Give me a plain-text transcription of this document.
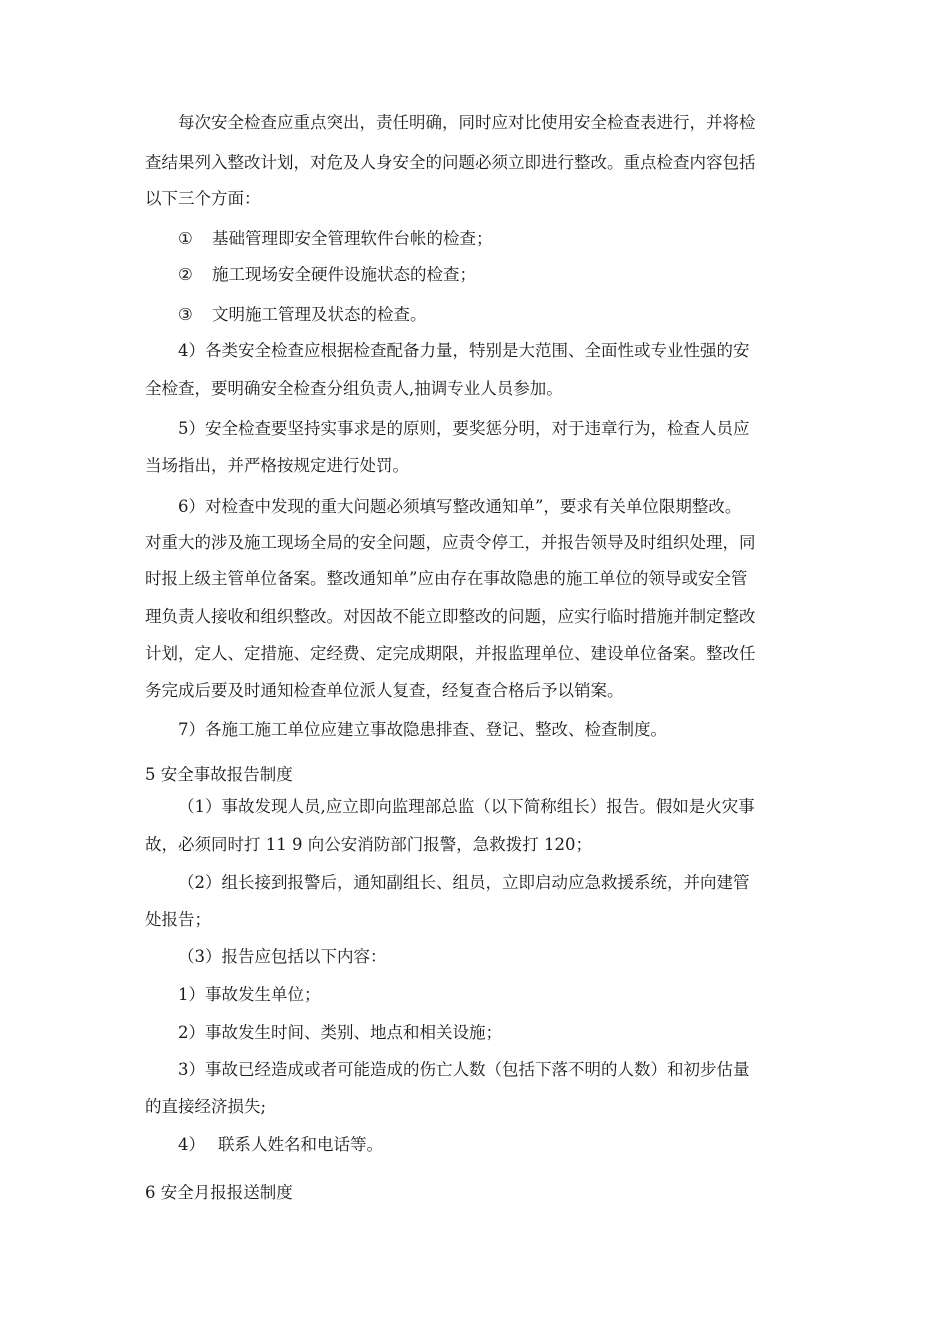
每次安全检查应重点突出，责任明确，同时应对比使用安全检查表进行，并将检
查结果列入整改计划，对危及人身安全的问题必须立即进行整改。重点检查内容包括
以下三个方面：
① 基础管理即安全管理软件台帐的检查；
② 施工现场安全硬件设施状态的检查；
③ 文明施工管理及状态的检查。
4）各类安全检查应根据检查配备力量，特别是大范围、全面性或专业性强的安
全检查，要明确安全检查分组负责人,抽调专业人员参加。
5）安全检查要坚持实事求是的原则，要奖惩分明，对于违章行为，检查人员应
当场指出，并严格按规定进行处罚。
6）对检查中发现的重大问题必须填写整改通知单”，要求有关单位限期整改。
对重大的涉及施工现场全局的安全问题，应责令停工，并报告领导及时组织处理，同
时报上级主管单位备案。整改通知单”应由存在事故隐患的施工单位的领导或安全管
理负责人接收和组织整改。对因故不能立即整改的问题，应实行临时措施并制定整改
计划，定人、定措施、定经费、定完成期限，并报监理单位、建设单位备案。整改任
务完成后要及时通知检查单位派人复查，经复查合格后予以销案。
7）各施工施工单位应建立事故隐患排查、登记、整改、检查制度。
5 安全事故报告制度
（1）事故发现人员,应立即向监理部总监（以下简称组长）报告。假如是火灾事
故，必须同时打 11 9 向公安消防部门报警，急救拨打 120；
（2）组长接到报警后，通知副组长、组员，立即启动应急救援系统，并向建管
处报告；
（3）报告应包括以下内容：
1）事故发生单位；
2）事故发生时间、类别、地点和相关设施；
3）事故已经造成或者可能造成的伤亡人数（包括下落不明的人数）和初步估量
的直接经济损失;
4） 联系人姓名和电话等。
6 安全月报报送制度
